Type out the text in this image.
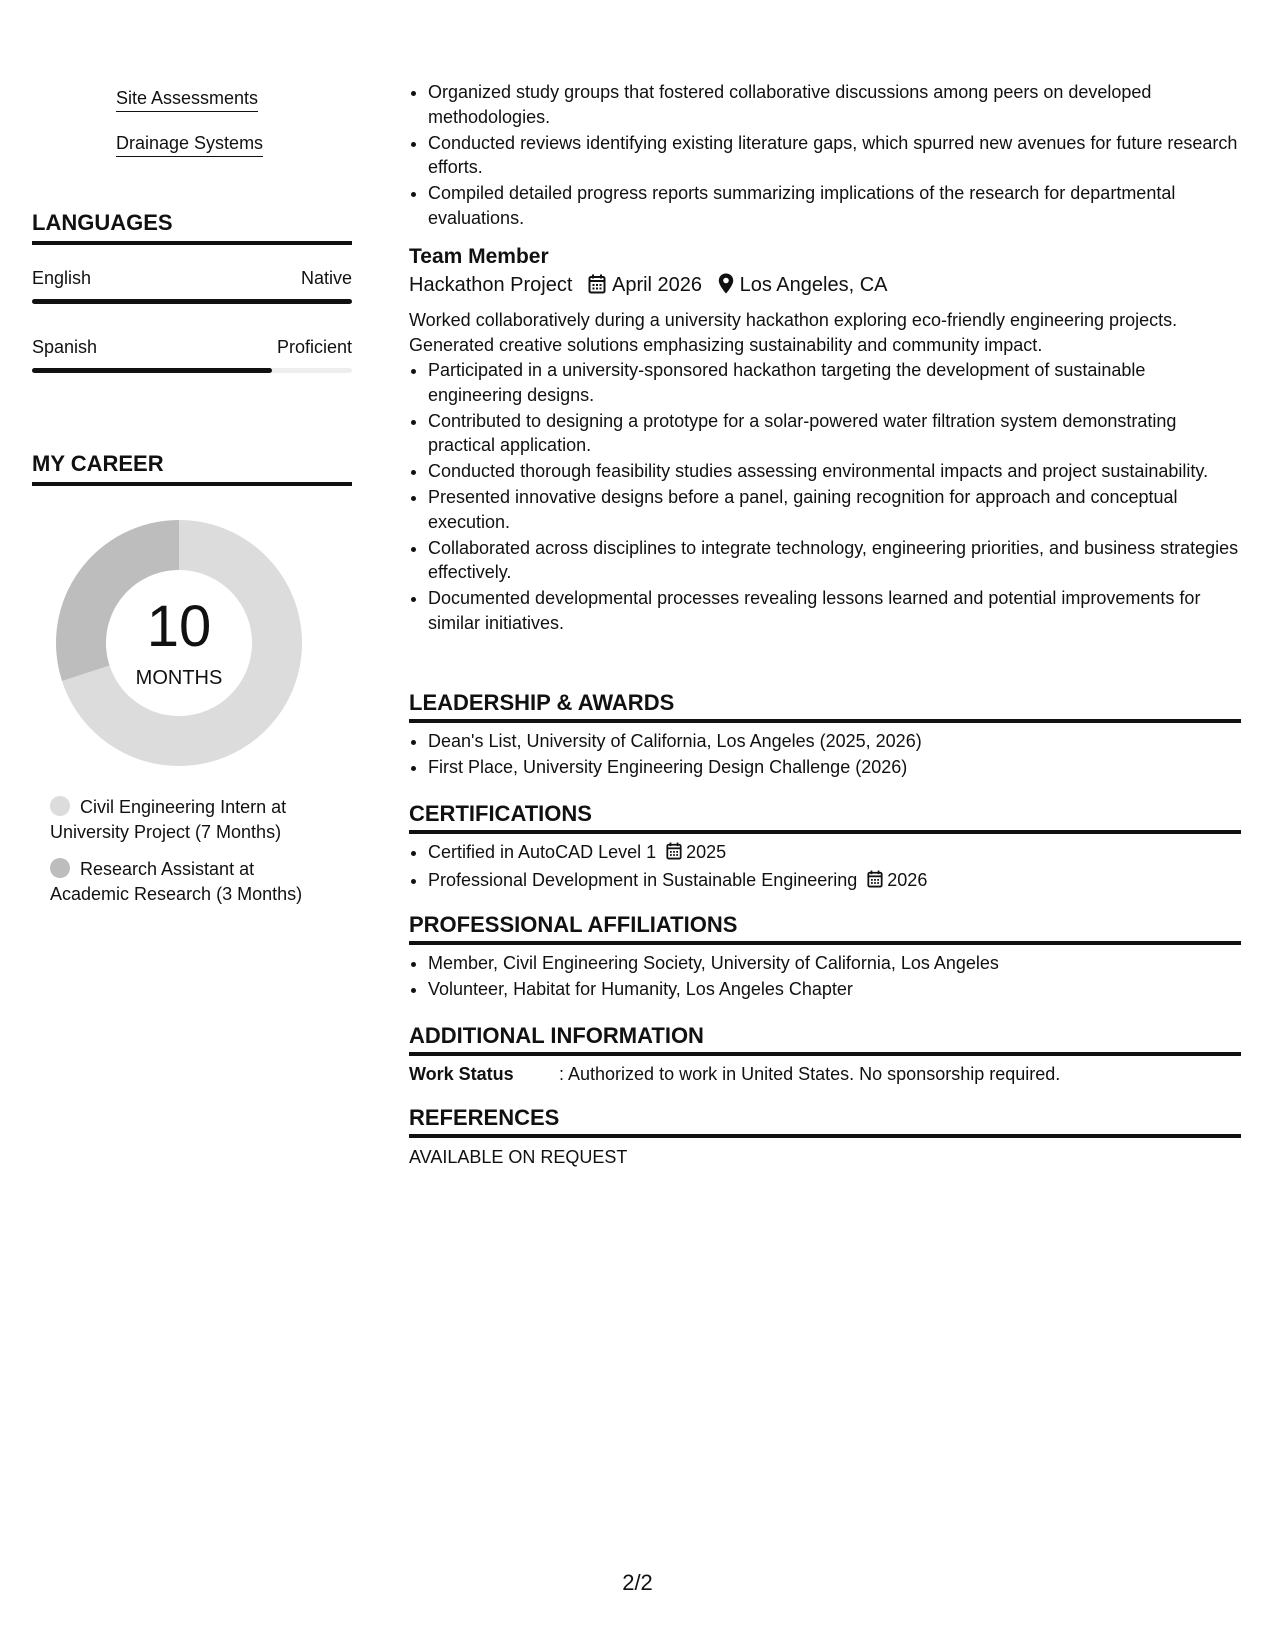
Site Assessments
Drainage Systems
LANGUAGES
English	Native
Spanish	Proficient
MY CAREER
10
MONTHS
Civil Engineering Intern at University Project (7 Months)
Research Assistant at Academic Research (3 Months)
• Organized study groups that fostered collaborative discussions among peers on developed methodologies.
• Conducted reviews identifying existing literature gaps, which spurred new avenues for future research efforts.
• Compiled detailed progress reports summarizing implications of the research for departmental evaluations.
Team Member
Hackathon Project April 2026 Los Angeles, CA
Worked collaboratively during a university hackathon exploring eco-friendly engineering projects. Generated creative solutions emphasizing sustainability and community impact.
• Participated in a university-sponsored hackathon targeting the development of sustainable engineering designs.
• Contributed to designing a prototype for a solar-powered water filtration system demonstrating practical application.
• Conducted thorough feasibility studies assessing environmental impacts and project sustainability.
• Presented innovative designs before a panel, gaining recognition for approach and conceptual execution.
• Collaborated across disciplines to integrate technology, engineering priorities, and business strategies effectively.
• Documented developmental processes revealing lessons learned and potential improvements for similar initiatives.
LEADERSHIP & AWARDS
• Dean's List, University of California, Los Angeles (2025, 2026)
• First Place, University Engineering Design Challenge (2026)
CERTIFICATIONS
• Certified in AutoCAD Level 1 2025
• Professional Development in Sustainable Engineering 2026
PROFESSIONAL AFFILIATIONS
• Member, Civil Engineering Society, University of California, Los Angeles
• Volunteer, Habitat for Humanity, Los Angeles Chapter
ADDITIONAL INFORMATION
Work Status	: Authorized to work in United States. No sponsorship required.
REFERENCES
AVAILABLE ON REQUEST
2/2
